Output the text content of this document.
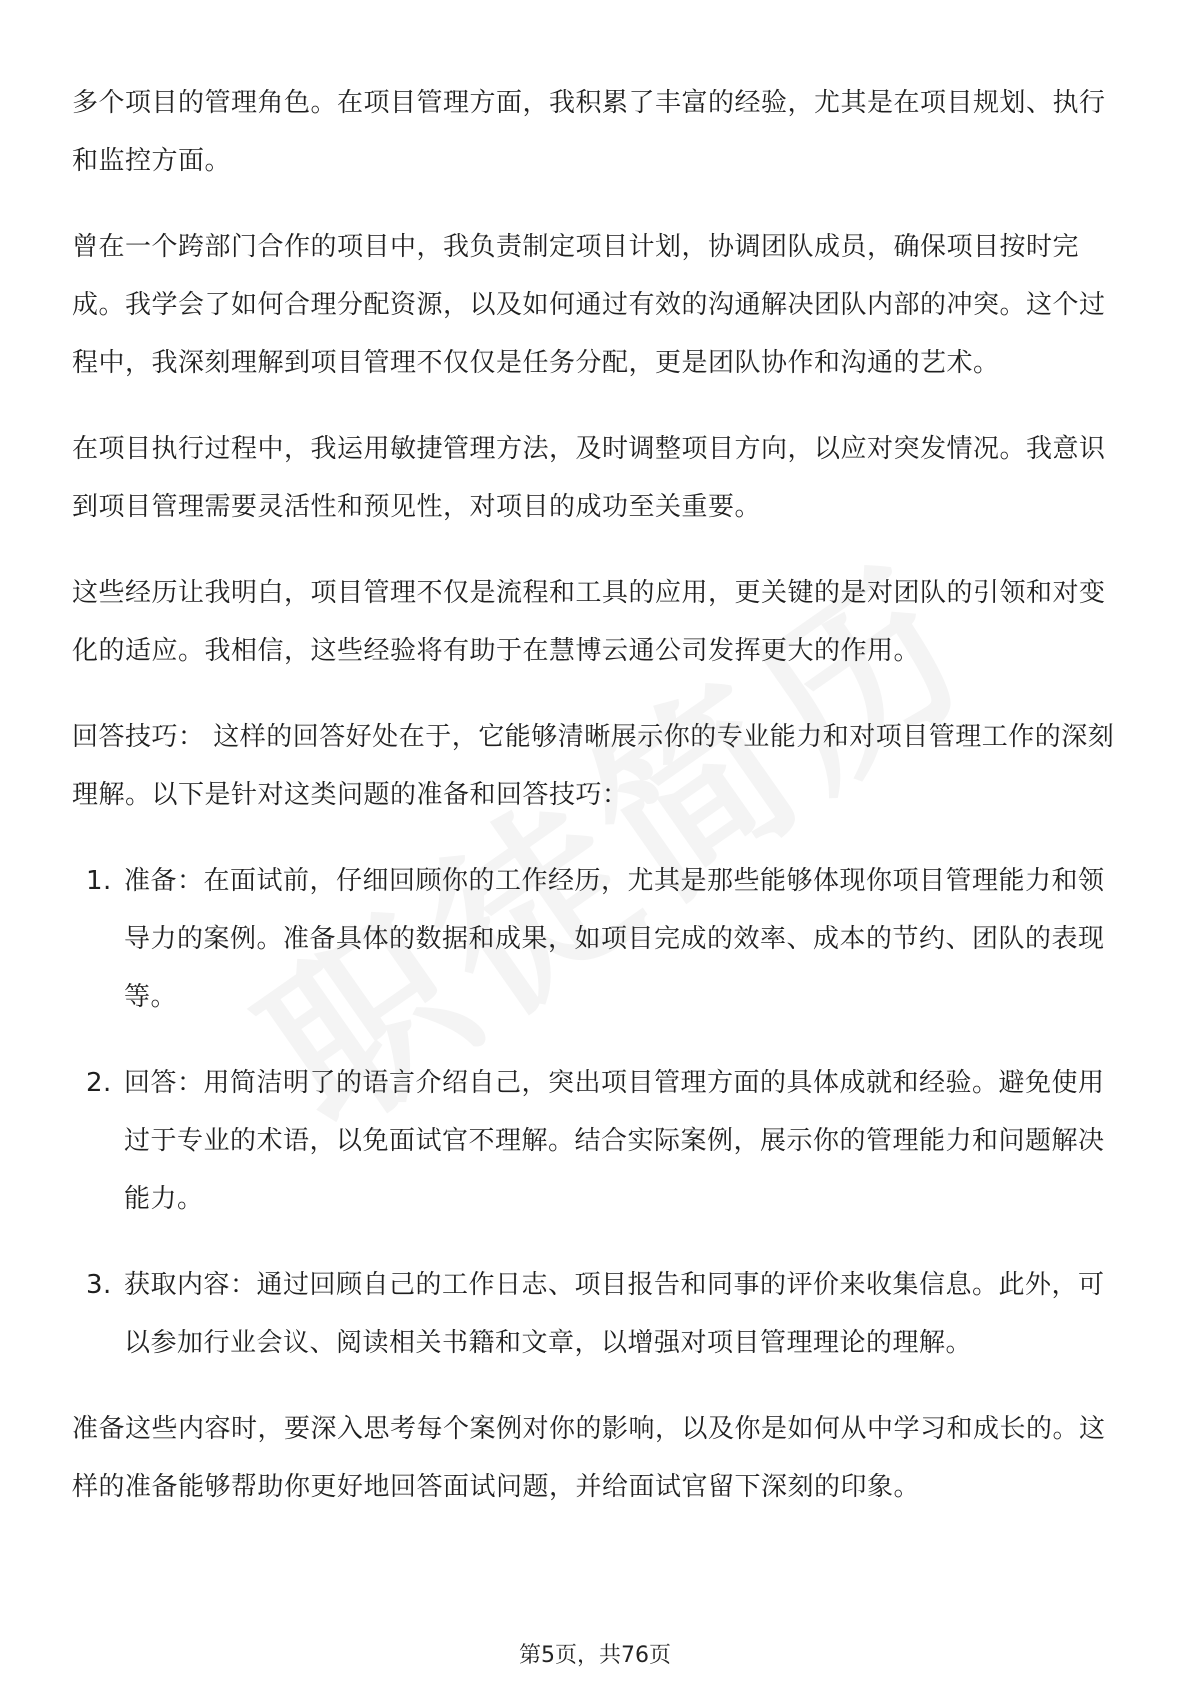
多个项目的管理角色。在项目管理方面，我积累了丰富的经验，尤其是在项目规划、执行和监控方面。

曾在一个跨部门合作的项目中，我负责制定项目计划，协调团队成员，确保项目按时完成。我学会了如何合理分配资源，以及如何通过有效的沟通解决团队内部的冲突。这个过程中，我深刻理解到项目管理不仅仅是任务分配，更是团队协作和沟通的艺术。

在项目执行过程中，我运用敏捷管理方法，及时调整项目方向，以应对突发情况。我意识到项目管理需要灵活性和预见性，对项目的成功至关重要。

这些经历让我明白，项目管理不仅是流程和工具的应用，更关键的是对团队的引领和对变化的适应。我相信，这些经验将有助于在慧博云通公司发挥更大的作用。

回答技巧： 这样的回答好处在于，它能够清晰展示你的专业能力和对项目管理工作的深刻理解。以下是针对这类问题的准备和回答技巧：

1. 准备：在面试前，仔细回顾你的工作经历，尤其是那些能够体现你项目管理能力和领导力的案例。准备具体的数据和成果，如项目完成的效率、成本的节约、团队的表现等。
2. 回答：用简洁明了的语言介绍自己，突出项目管理方面的具体成就和经验。避免使用过于专业的术语，以免面试官不理解。结合实际案例，展示你的管理能力和问题解决能力。
3. 获取内容：通过回顾自己的工作日志、项目报告和同事的评价来收集信息。此外，可以参加行业会议、阅读相关书籍和文章，以增强对项目管理理论的理解。

准备这些内容时，要深入思考每个案例对你的影响，以及你是如何从中学习和成长的。这样的准备能够帮助你更好地回答面试问题，并给面试官留下深刻的印象。

第5页，共76页
